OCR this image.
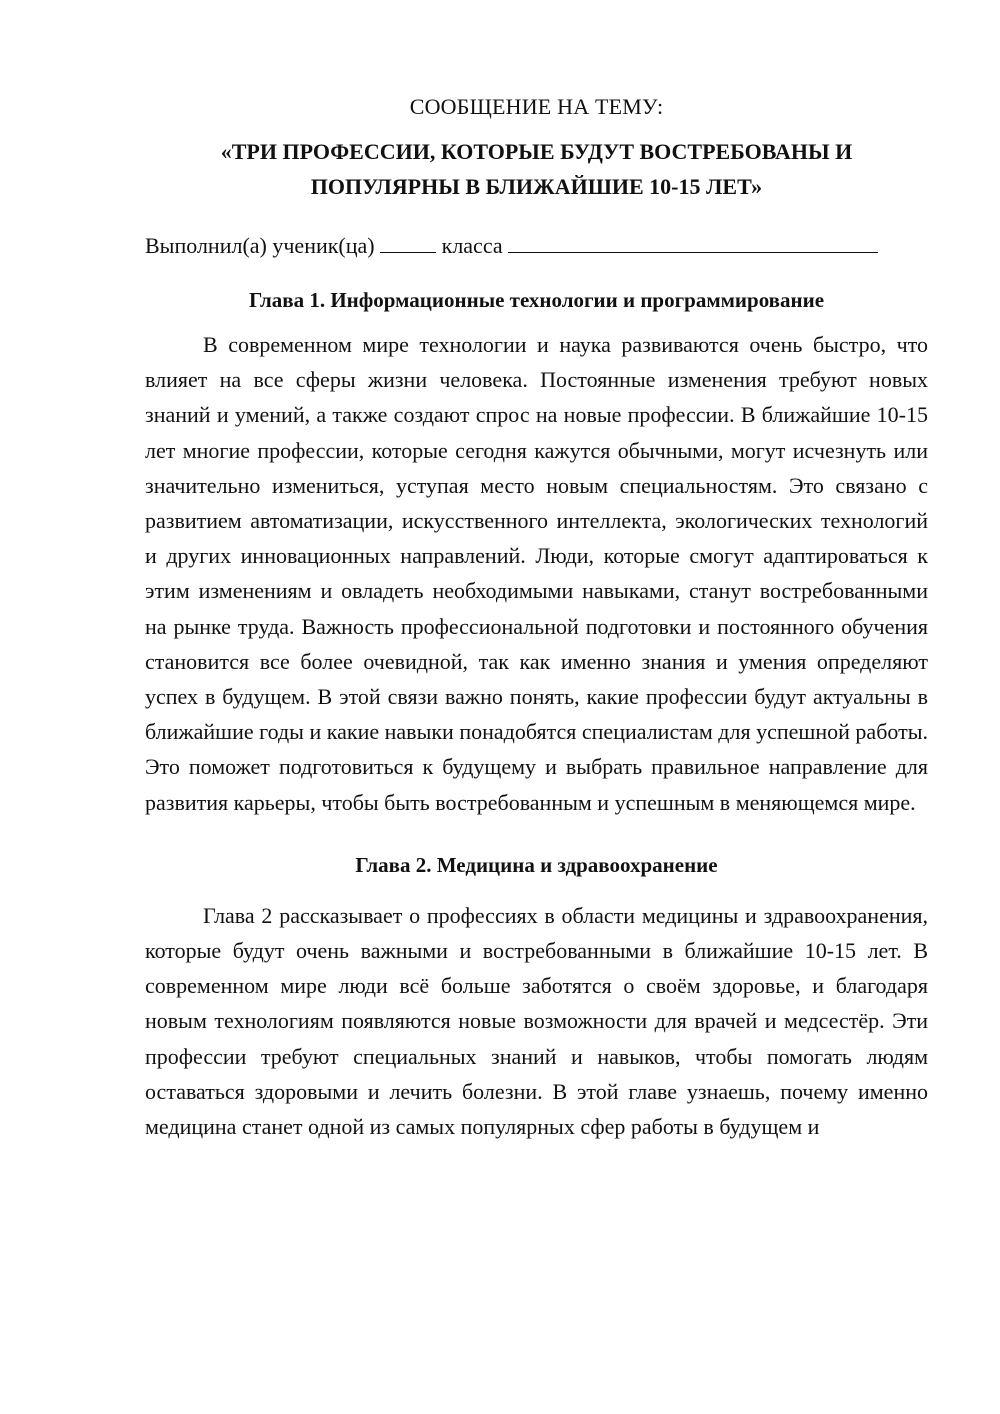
СООБЩЕНИЕ НА ТЕМУ:

«ТРИ ПРОФЕССИИ, КОТОРЫЕ БУДУТ ВОСТРЕБОВАНЫ И
ПОПУЛЯРНЫ В БЛИЖАЙШИЕ 10-15 ЛЕТ»

Выполнил(а) ученик(ца)	класса

Глава 1. Информационные технологии и программирование

В современном мире технологии и наука развиваются очень быстро, что влияет на все сферы жизни человека. Постоянные изменения требуют новых знаний и умений, а также создают спрос на новые профессии. В ближайшие 10-15 лет многие профессии, которые сегодня кажутся обычными, могут исчезнуть или значительно измениться, уступая место новым специальностям. Это связано с развитием автоматизации, искусственного интеллекта, экологических технологий и других инновационных направлений. Люди, которые смогут адаптироваться к этим изменениям и овладеть необходимыми навыками, станут востребованными на рынке труда. Важность профессиональной подготовки и постоянного обучения становится все более очевидной, так как именно знания и умения определяют успех в будущем. В этой связи важно понять, какие профессии будут актуальны в ближайшие годы и какие навыки понадобятся специалистам для успешной работы. Это поможет подготовиться к будущему и выбрать правильное направление для развития карьеры, чтобы быть востребованным и успешным в меняющемся мире.

Глава 2. Медицина и здравоохранение

Глава 2 рассказывает о профессиях в области медицины и здравоохранения, которые будут очень важными и востребованными в ближайшие 10-15 лет. В современном мире люди всё больше заботятся о своём здоровье, и благодаря новым технологиям появляются новые возможности для врачей и медсестёр. Эти профессии требуют специальных знаний и навыков, чтобы помогать людям оставаться здоровыми и лечить болезни. В этой главе узнаешь, почему именно медицина станет одной из самых популярных сфер работы в будущем и
